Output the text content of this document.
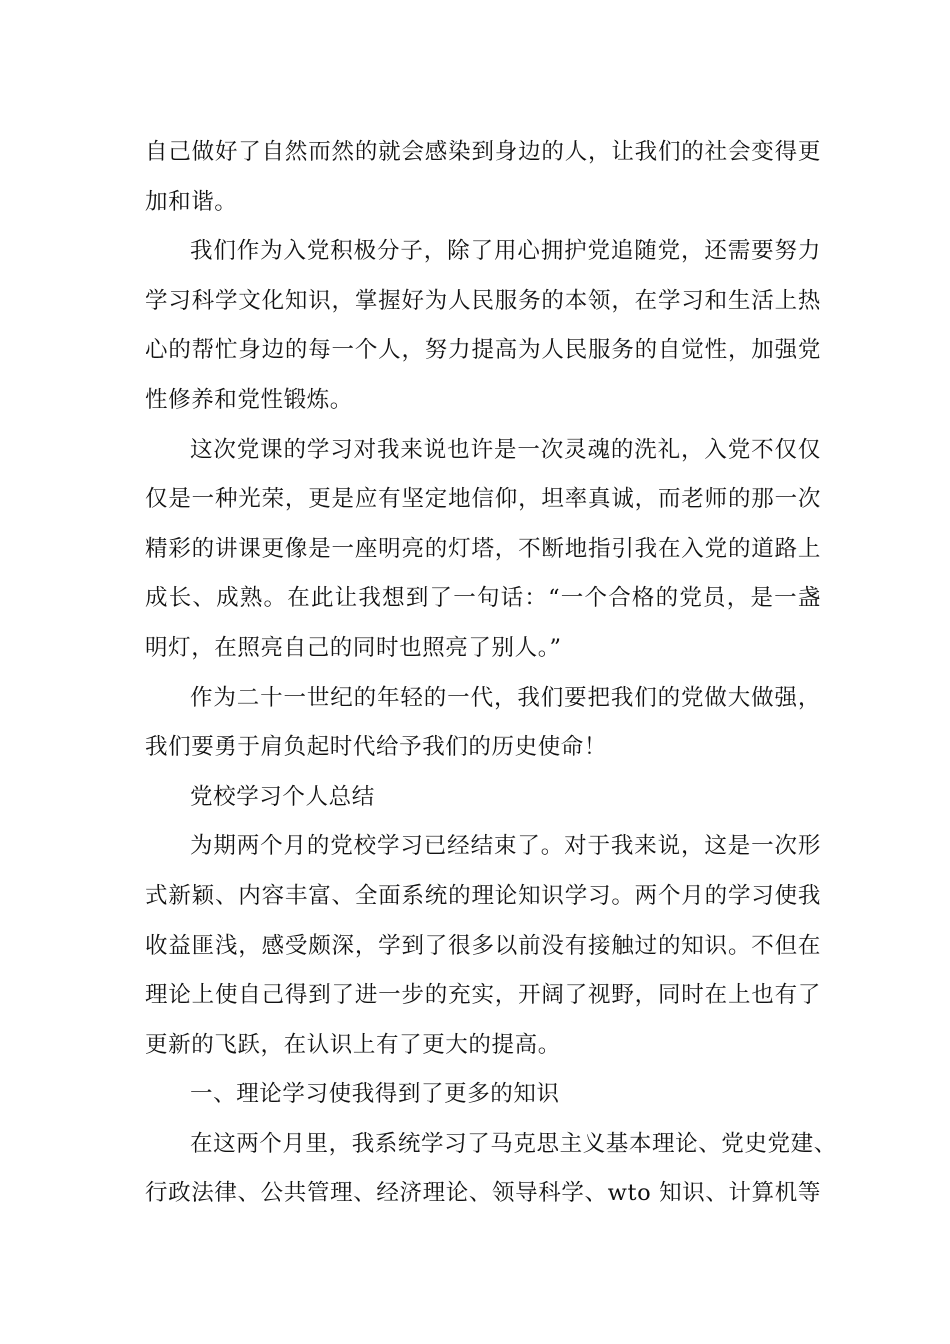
自己做好了自然而然的就会感染到身边的人，让我们的社会变得更
加和谐。

我们作为入党积极分子，除了用心拥护党追随党，还需要努力
学习科学文化知识，掌握好为人民服务的本领，在学习和生活上热
心的帮忙身边的每一个人，努力提高为人民服务的自觉性，加强党
性修养和党性锻炼。

这次党课的学习对我来说也许是一次灵魂的洗礼，入党不仅仅
仅是一种光荣，更是应有坚定地信仰，坦率真诚，而老师的那一次
精彩的讲课更像是一座明亮的灯塔，不断地指引我在入党的道路上
成长、成熟。在此让我想到了一句话：“一个合格的党员，是一盏
明灯，在照亮自己的同时也照亮了别人。”

作为二十一世纪的年轻的一代，我们要把我们的党做大做强，
我们要勇于肩负起时代给予我们的历史使命！

党校学习个人总结

为期两个月的党校学习已经结束了。对于我来说，这是一次形
式新颖、内容丰富、全面系统的理论知识学习。两个月的学习使我
收益匪浅，感受颇深，学到了很多以前没有接触过的知识。不但在
理论上使自己得到了进一步的充实，开阔了视野，同时在上也有了
更新的飞跃，在认识上有了更大的提高。

一、理论学习使我得到了更多的知识

在这两个月里，我系统学习了马克思主义基本理论、党史党建、
行政法律、公共管理、经济理论、领导科学、wto 知识、计算机等
